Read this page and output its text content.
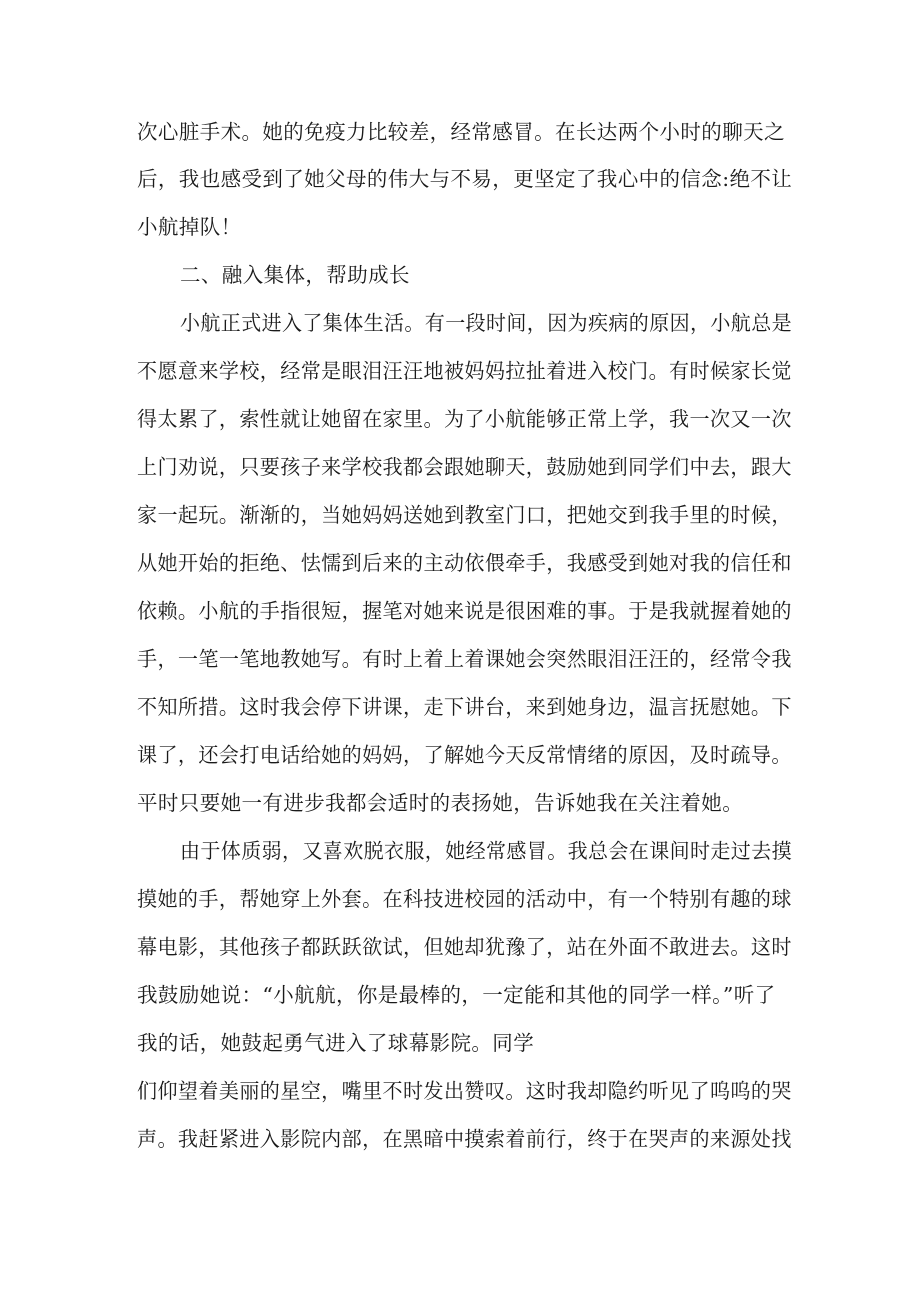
次心脏手术。她的免疫力比较差，经常感冒。在长达两个小时的聊天之
后，我也感受到了她父母的伟大与不易，更坚定了我心中的信念:绝不让
小航掉队！
二、融入集体，帮助成长
小航正式进入了集体生活。有一段时间，因为疾病的原因，小航总是
不愿意来学校，经常是眼泪汪汪地被妈妈拉扯着进入校门。有时候家长觉
得太累了，索性就让她留在家里。为了小航能够正常上学，我一次又一次
上门劝说，只要孩子来学校我都会跟她聊天，鼓励她到同学们中去，跟大
家一起玩。渐渐的，当她妈妈送她到教室门口，把她交到我手里的时候，
从她开始的拒绝、怯懦到后来的主动依偎牵手，我感受到她对我的信任和
依赖。小航的手指很短，握笔对她来说是很困难的事。于是我就握着她的
手，一笔一笔地教她写。有时上着上着课她会突然眼泪汪汪的，经常令我
不知所措。这时我会停下讲课，走下讲台，来到她身边，温言抚慰她。下
课了，还会打电话给她的妈妈，了解她今天反常情绪的原因，及时疏导。
平时只要她一有进步我都会适时的表扬她，告诉她我在关注着她。
由于体质弱，又喜欢脱衣服，她经常感冒。我总会在课间时走过去摸
摸她的手，帮她穿上外套。在科技进校园的活动中，有一个特别有趣的球
幕电影，其他孩子都跃跃欲试，但她却犹豫了，站在外面不敢进去。这时
我鼓励她说：“小航航，你是最棒的，一定能和其他的同学一样。”听了
我的话，她鼓起勇气进入了球幕影院。同学
们仰望着美丽的星空，嘴里不时发出赞叹。这时我却隐约听见了呜呜的哭
声。我赶紧进入影院内部，在黑暗中摸索着前行，终于在哭声的来源处找
